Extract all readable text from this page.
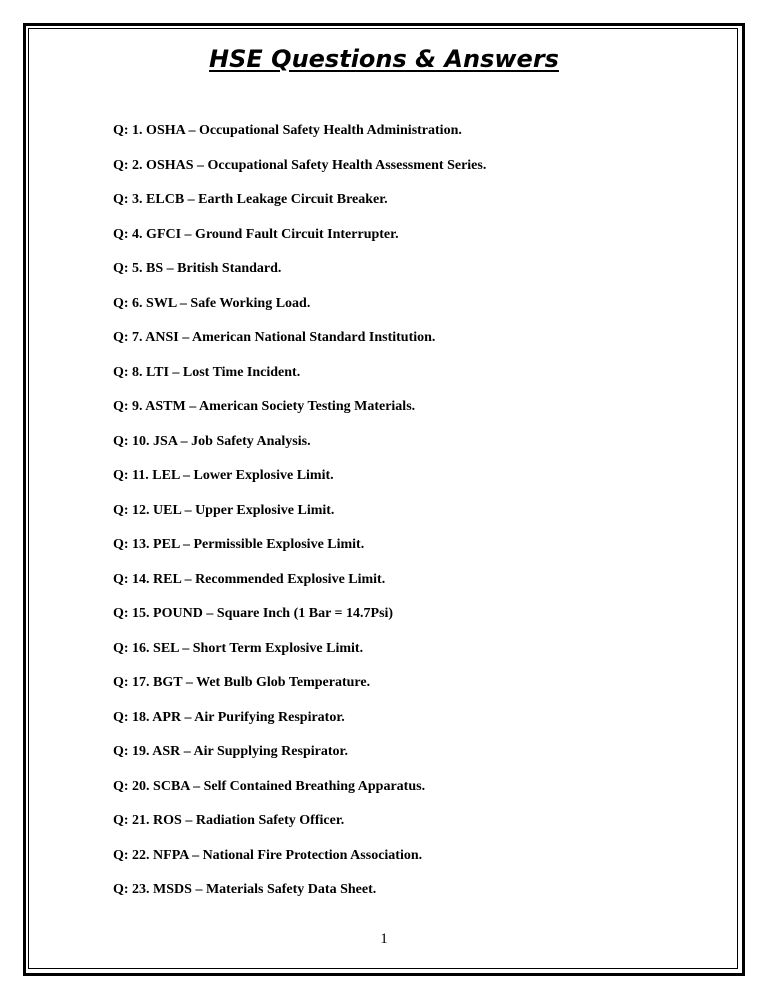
HSE Questions & Answers
Q: 1. OSHA – Occupational Safety Health Administration.
Q: 2. OSHAS – Occupational Safety Health Assessment Series.
Q: 3. ELCB – Earth Leakage Circuit Breaker.
Q: 4. GFCI – Ground Fault Circuit Interrupter.
Q: 5. BS – British Standard.
Q: 6. SWL – Safe Working Load.
Q: 7. ANSI – American National Standard Institution.
Q: 8. LTI – Lost Time Incident.
Q: 9. ASTM – American Society Testing Materials.
Q: 10. JSA – Job Safety Analysis.
Q: 11. LEL – Lower Explosive Limit.
Q: 12. UEL – Upper Explosive Limit.
Q: 13. PEL – Permissible Explosive Limit.
Q: 14. REL – Recommended Explosive Limit.
Q: 15. POUND – Square Inch (1 Bar = 14.7Psi)
Q: 16. SEL – Short Term Explosive Limit.
Q: 17. BGT – Wet Bulb Glob Temperature.
Q: 18. APR – Air Purifying Respirator.
Q: 19. ASR – Air Supplying Respirator.
Q: 20. SCBA – Self Contained Breathing Apparatus.
Q: 21. ROS – Radiation Safety Officer.
Q: 22. NFPA – National Fire Protection Association.
Q: 23. MSDS – Materials Safety Data Sheet.
1
